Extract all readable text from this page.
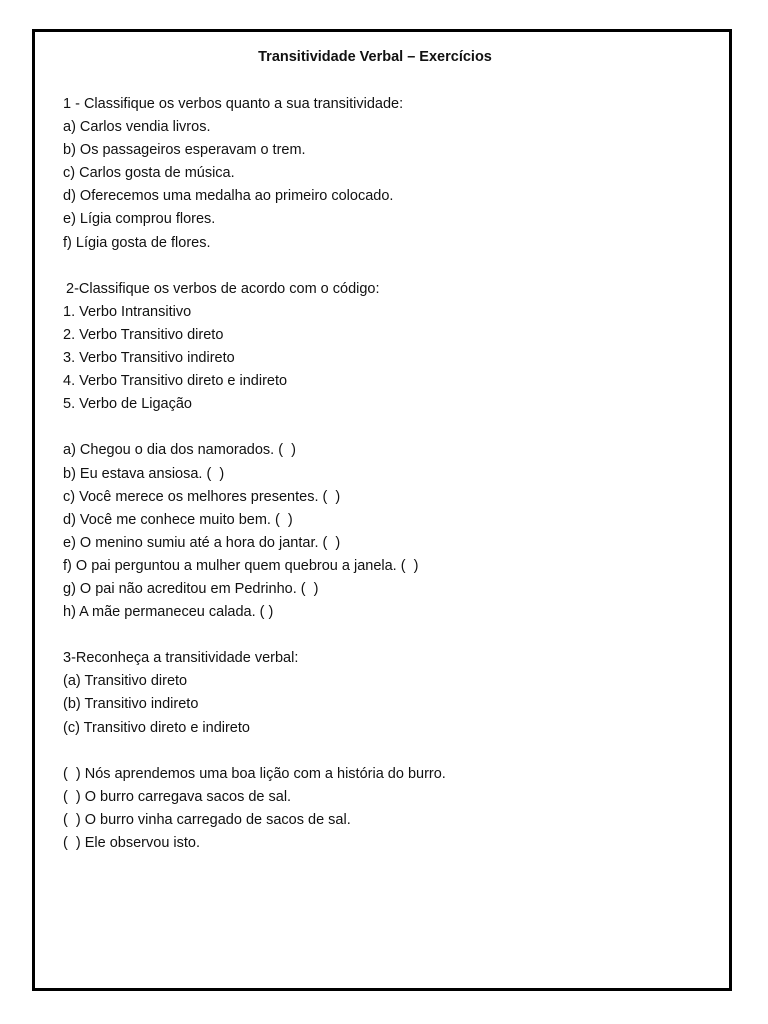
Transitividade Verbal – Exercícios
1 - Classifique os verbos quanto a sua transitividade:
a) Carlos vendia livros.
b) Os passageiros esperavam o trem.
c) Carlos gosta de música.
d) Oferecemos uma medalha ao primeiro colocado.
e) Lígia comprou flores.
f) Lígia gosta de flores.
2-Classifique os verbos de acordo com o código:
1. Verbo Intransitivo
2. Verbo Transitivo direto
3. Verbo Transitivo indireto
4. Verbo Transitivo direto e indireto
5. Verbo de Ligação
a) Chegou o dia dos namorados. (  )
b) Eu estava ansiosa. (  )
c) Você merece os melhores presentes. (  )
d) Você me conhece muito bem. (  )
e) O menino sumiu até a hora do jantar. (  )
f) O pai perguntou a mulher quem quebrou a janela. (  )
g) O pai não acreditou em Pedrinho. (  )
h) A mãe permaneceu calada. ( )
3-Reconheça a transitividade verbal:
(a) Transitivo direto
(b) Transitivo indireto
(c) Transitivo direto e indireto
(  ) Nós aprendemos uma boa lição com a história do burro.
(  ) O burro carregava sacos de sal.
(  ) O burro vinha carregado de sacos de sal.
(  ) Ele observou isto.
